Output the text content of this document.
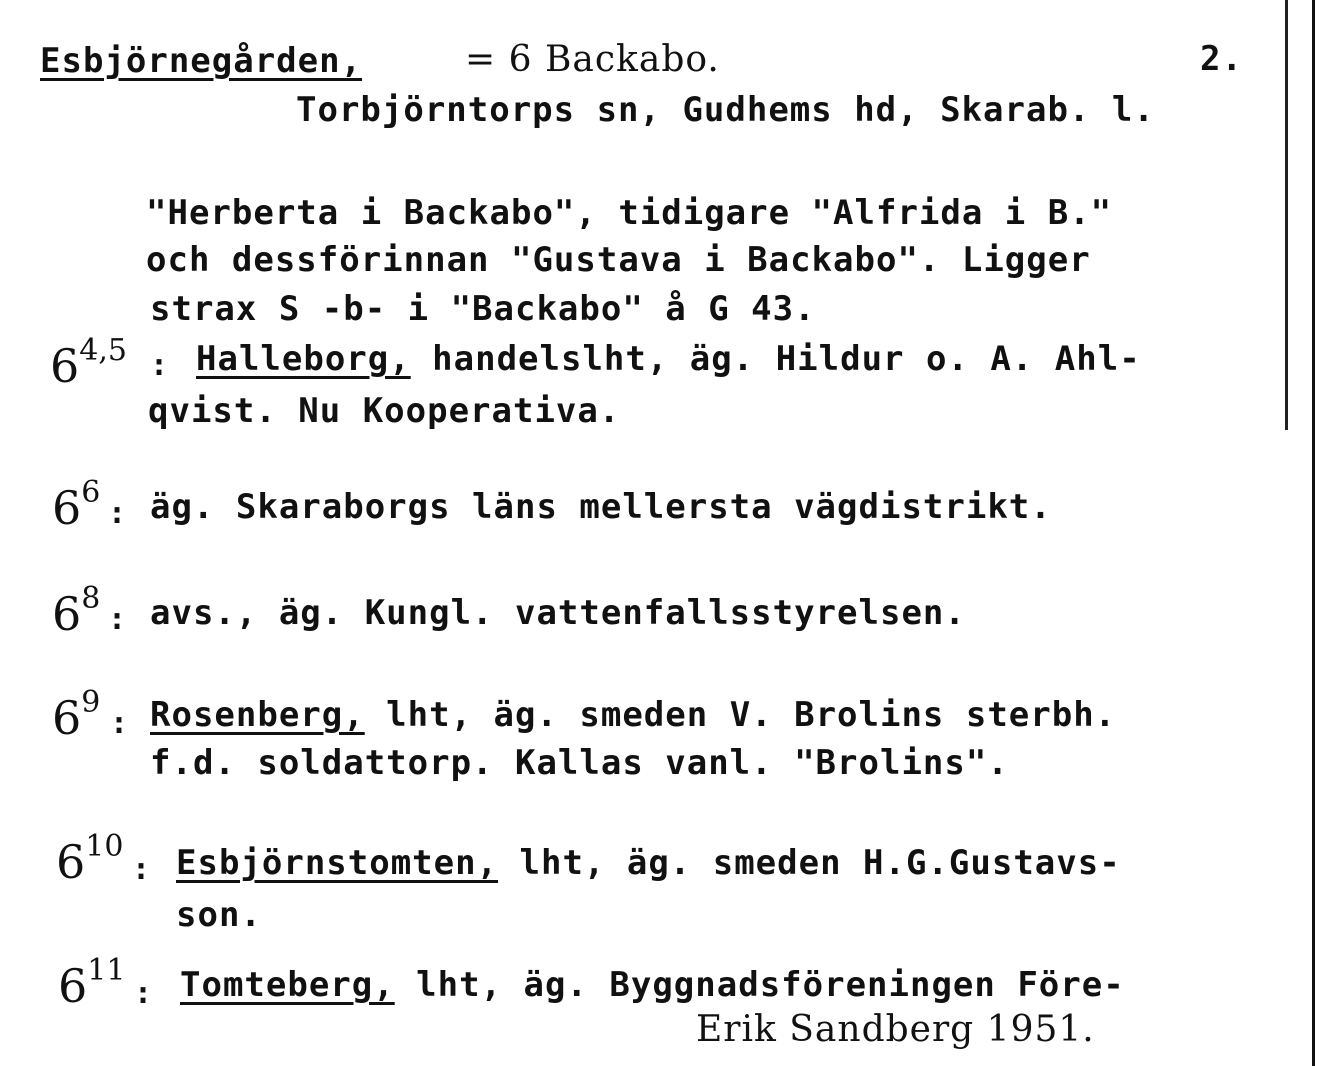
Esbjörnegården,	= 6 Backabo.	2.
Torbjörntorps sn, Gudhems hd, Skarab. l.
"Herberta i Backabo", tidigare "Alfrida i B."
och dessförinnan "Gustava i Backabo". Ligger
strax S -b- i "Backabo" å G 43.
6$^{4,5}$ : Halleborg, handelslht, äg. Hildur o. A. Ahl-
qvist. Nu Kooperativa.
$6^6$
: äg. Skaraborgs läns mellersta vägdistrikt.
$6^8$
: avs., äg. Kungl. vattenfallsstyrelsen.
$6^9$
: Rosenberg, lht, äg. smeden V. Brolins sterbh.
f.d. soldattorp. Kallas vanl. "Brolins".
$6^{10}$
: Esbjörnstomten, lht, äg. smeden H.G.Gustavs-
son.
$6^{11}$
: Tomteberg, lht, äg. Byggnadsföreningen Före-
Erik Sandberg 1951.
